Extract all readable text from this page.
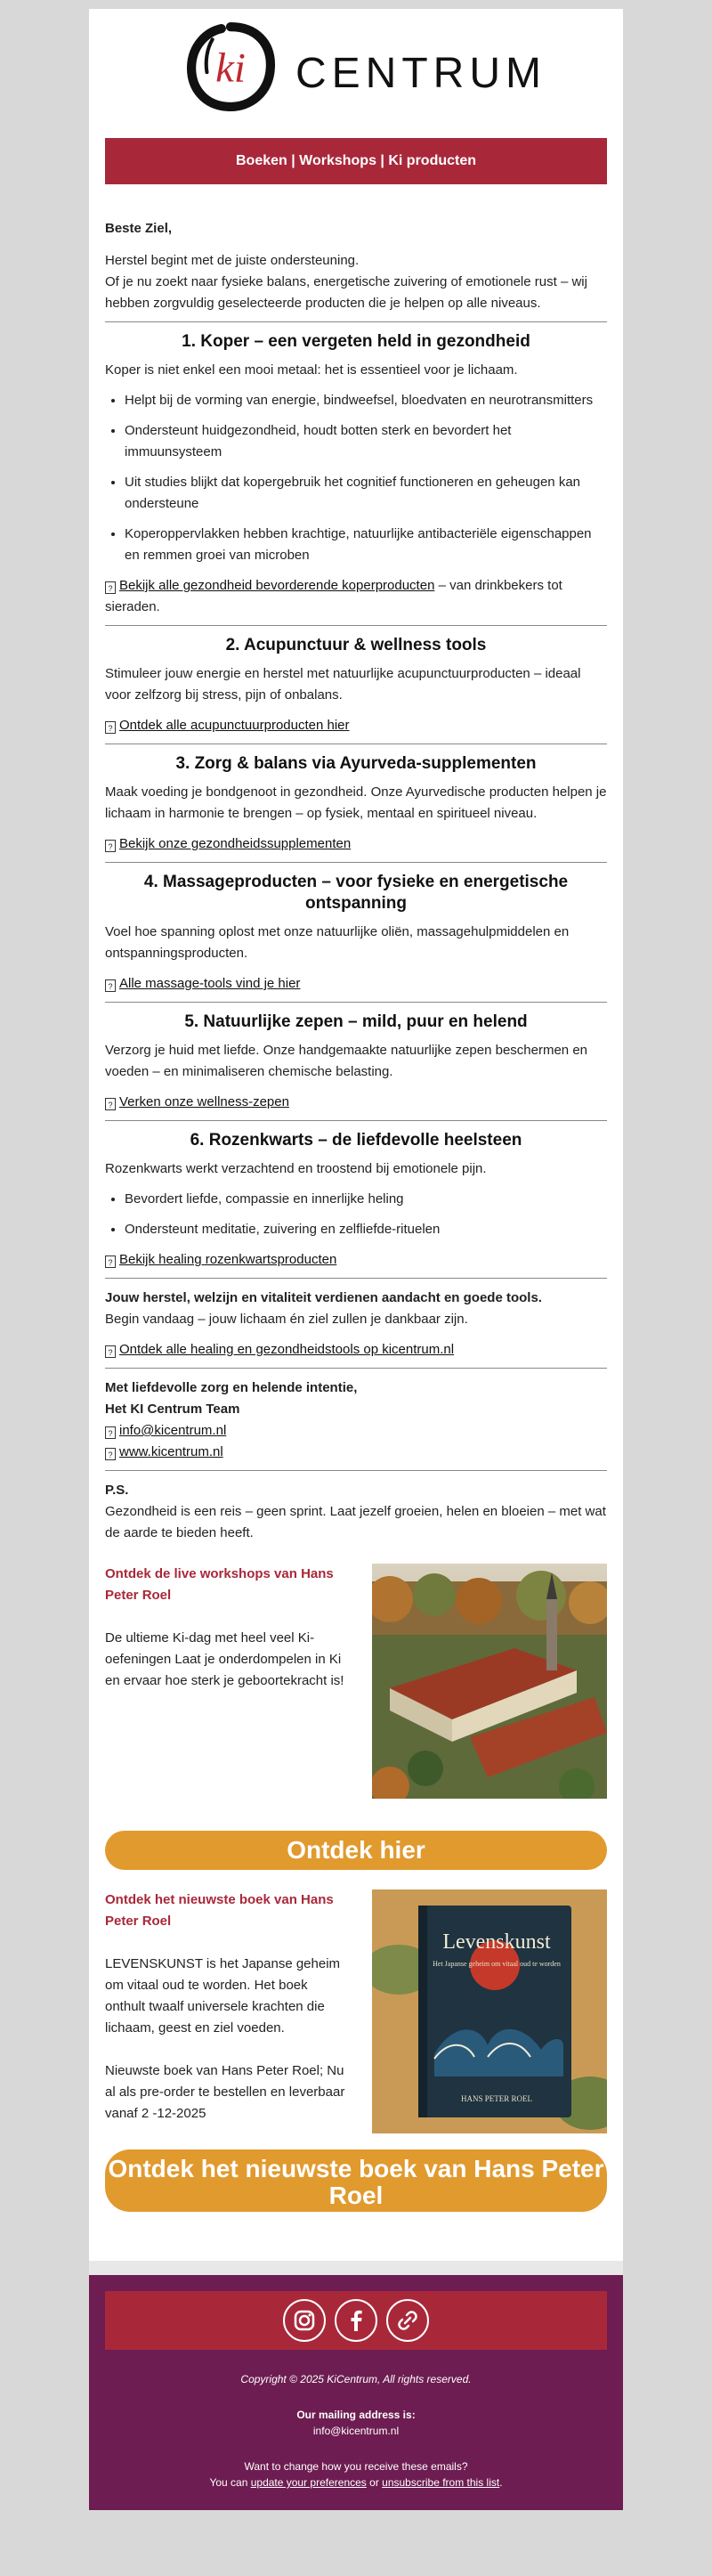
ki CENTRUM
Boeken | Workshops | Ki producten

Beste Ziel,

Herstel begint met de juiste ondersteuning.

Of je nu zoekt naar fysieke balans, energetische zuivering of emotionele rust – wij hebben zorgvuldig geselecteerde producten die je helpen op alle niveaus.

1. Koper – een vergeten held in gezondheid

Koper is niet enkel een mooi metaal: het is essentieel voor je lichaam.

• Helpt bij de vorming van energie, bindweefsel, bloedvaten en neurotransmitters
• Ondersteunt huidgezondheid, houdt botten sterk en bevordert het immuunsysteem
• Uit studies blijkt dat kopergebruik het cognitief functioneren en geheugen kan ondersteune
• Koperoppervlakken hebben krachtige, natuurlijke antibacteriële eigenschappen en remmen groei van microben

? Bekijk alle gezondheid bevorderende koperproducten – van drinkbekers tot sieraden.

2. Acupunctuur & wellness tools

Stimuleer jouw energie en herstel met natuurlijke acupunctuurproducten – ideaal voor zelfzorg bij stress, pijn of onbalans.

? Ontdek alle acupunctuurproducten hier

3. Zorg & balans via Ayurveda-supplementen

Maak voeding je bondgenoot in gezondheid. Onze Ayurvedische producten helpen je lichaam in harmonie te brengen – op fysiek, mentaal en spiritueel niveau.

? Bekijk onze gezondheidssupplementen

4. Massageproducten – voor fysieke en energetische ontspanning

Voel hoe spanning oplost met onze natuurlijke oliën, massagehulpmiddelen en ontspanningsproducten.

? Alle massage-tools vind je hier

5. Natuurlijke zepen – mild, puur en helend

Verzorg je huid met liefde. Onze handgemaakte natuurlijke zepen beschermen en voeden – en minimaliseren chemische belasting.

? Verken onze wellness-zepen

6. Rozenkwarts – de liefdevolle heelsteen

Rozenkwarts werkt verzachtend en troostend bij emotionele pijn.

• Bevordert liefde, compassie en innerlijke heling
• Ondersteunt meditatie, zuivering en zelfliefde-rituelen

? Bekijk healing rozenkwartsproducten

Jouw herstel, welzijn en vitaliteit verdienen aandacht en goede tools.

Begin vandaag – jouw lichaam én ziel zullen je dankbaar zijn.

? Ontdek alle healing en gezondheidstools op kicentrum.nl

Met liefdevolle zorg en helende intentie,

Het KI Centrum Team

? info@kicentrum.nl

? www.kicentrum.nl

P.S.

Gezondheid is een reis – geen sprint. Laat jezelf groeien, helen en bloeien – met wat de aarde te bieden heeft.

Ontdek de live workshops van Hans Peter Roel

De ultieme Ki-dag met heel veel Ki-oefeningen Laat je onderdompelen in Ki en ervaar hoe sterk je geboortekracht is!

Ontdek hier

Ontdek het nieuwste boek van Hans Peter Roel

LEVENSKUNST is het Japanse geheim om vitaal oud te worden. Het boek onthult twaalf universele krachten die lichaam, geest en ziel voeden.

Nieuwste boek van Hans Peter Roel; Nu al als pre-order te bestellen en leverbaar vanaf 2 -12-2025

Levenskunst
Het Japanse geheim om vitaal oud te worden
HANS PETER ROEL
Ontdek het nieuwste boek van Hans Peter Roel

Copyright © 2025 KiCentrum, All rights reserved.

Our mailing address is:

info@kicentrum.nl

Want to change how you receive these emails?

You can update your preferences or unsubscribe from this list.
